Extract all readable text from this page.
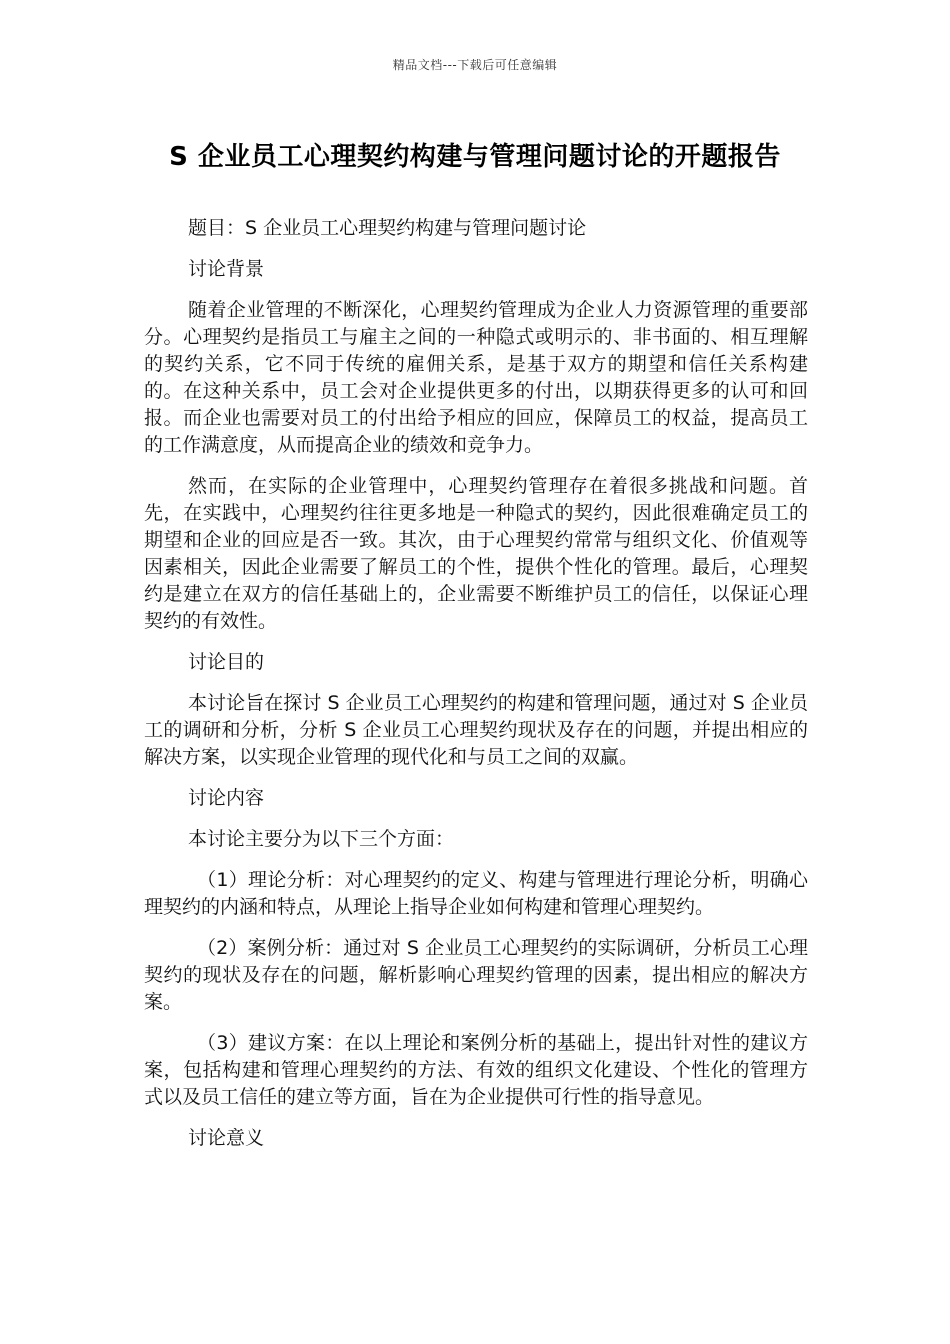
精品文档---下载后可任意编辑
S 企业员工心理契约构建与管理问题讨论的开题报告

题目：S 企业员工心理契约构建与管理问题讨论

讨论背景

随着企业管理的不断深化，心理契约管理成为企业人力资源管理的重要部分。心理契约是指员工与雇主之间的一种隐式或明示的、非书面的、相互理解的契约关系，它不同于传统的雇佣关系，是基于双方的期望和信任关系构建的。在这种关系中，员工会对企业提供更多的付出，以期获得更多的认可和回报。而企业也需要对员工的付出给予相应的回应，保障员工的权益，提高员工的工作满意度，从而提高企业的绩效和竞争力。

然而，在实际的企业管理中，心理契约管理存在着很多挑战和问题。首先，在实践中，心理契约往往更多地是一种隐式的契约，因此很难确定员工的期望和企业的回应是否一致。其次，由于心理契约常常与组织文化、价值观等因素相关，因此企业需要了解员工的个性，提供个性化的管理。最后，心理契约是建立在双方的信任基础上的，企业需要不断维护员工的信任，以保证心理契约的有效性。

讨论目的

本讨论旨在探讨 S 企业员工心理契约的构建和管理问题，通过对 S 企业员工的调研和分析，分析 S 企业员工心理契约现状及存在的问题，并提出相应的解决方案，以实现企业管理的现代化和与员工之间的双赢。

讨论内容

本讨论主要分为以下三个方面：

（1）理论分析：对心理契约的定义、构建与管理进行理论分析，明确心理契约的内涵和特点，从理论上指导企业如何构建和管理心理契约。

（2）案例分析：通过对 S 企业员工心理契约的实际调研，分析员工心理契约的现状及存在的问题，解析影响心理契约管理的因素，提出相应的解决方案。

（3）建议方案：在以上理论和案例分析的基础上，提出针对性的建议方案，包括构建和管理心理契约的方法、有效的组织文化建设、个性化的管理方式以及员工信任的建立等方面，旨在为企业提供可行性的指导意见。

讨论意义
